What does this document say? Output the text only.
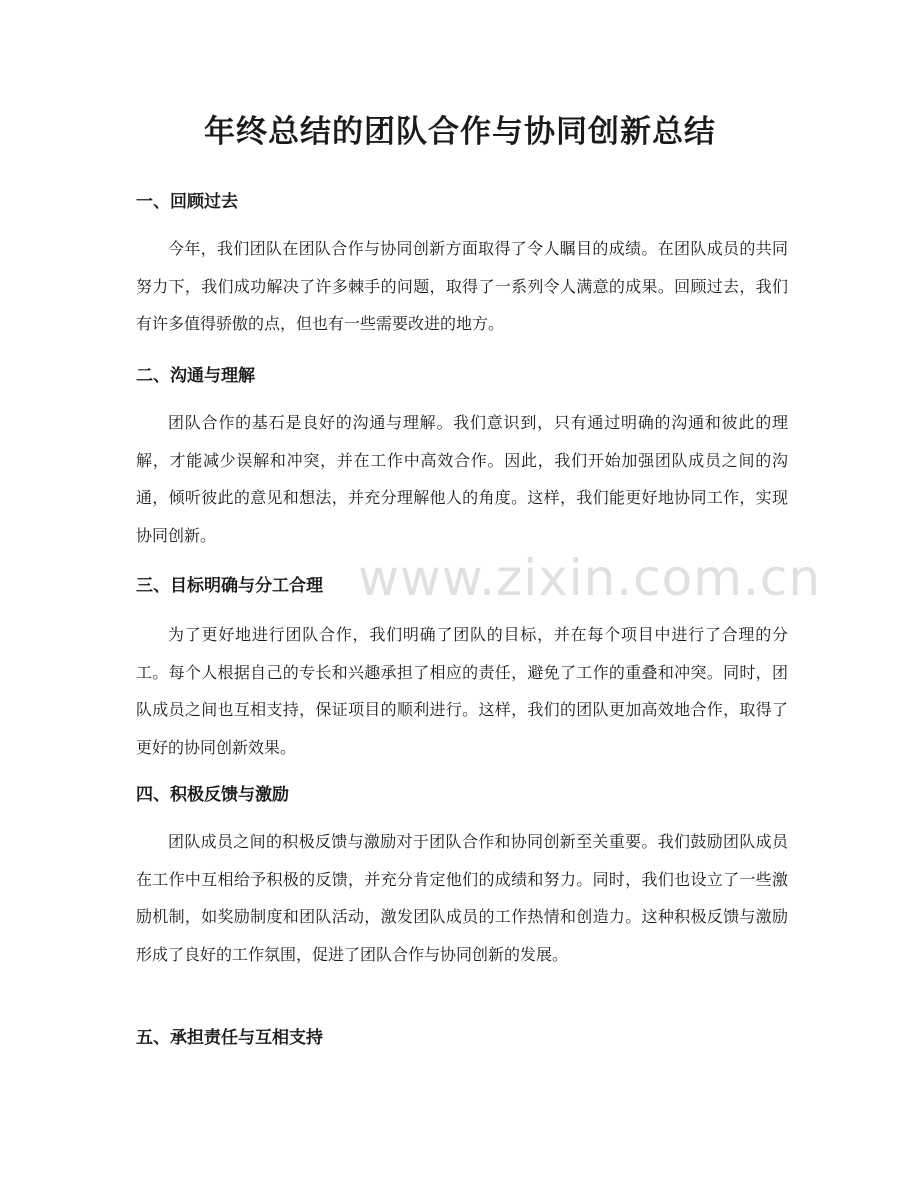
年终总结的团队合作与协同创新总结
一、回顾过去

今年，我们团队在团队合作与协同创新方面取得了令人瞩目的成绩。在团队成员的共同努力下，我们成功解决了许多棘手的问题，取得了一系列令人满意的成果。回顾过去，我们有许多值得骄傲的点，但也有一些需要改进的地方。

二、沟通与理解

团队合作的基石是良好的沟通与理解。我们意识到，只有通过明确的沟通和彼此的理解，才能减少误解和冲突，并在工作中高效合作。因此，我们开始加强团队成员之间的沟通，倾听彼此的意见和想法，并充分理解他人的角度。这样，我们能更好地协同工作，实现协同创新。

三、目标明确与分工合理

为了更好地进行团队合作，我们明确了团队的目标，并在每个项目中进行了合理的分工。每个人根据自己的专长和兴趣承担了相应的责任，避免了工作的重叠和冲突。同时，团队成员之间也互相支持，保证项目的顺利进行。这样，我们的团队更加高效地合作，取得了更好的协同创新效果。

四、积极反馈与激励

团队成员之间的积极反馈与激励对于团队合作和协同创新至关重要。我们鼓励团队成员在工作中互相给予积极的反馈，并充分肯定他们的成绩和努力。同时，我们也设立了一些激励机制，如奖励制度和团队活动，激发团队成员的工作热情和创造力。这种积极反馈与激励形成了良好的工作氛围，促进了团队合作与协同创新的发展。

五、承担责任与互相支持
www.zixin.com.cn
